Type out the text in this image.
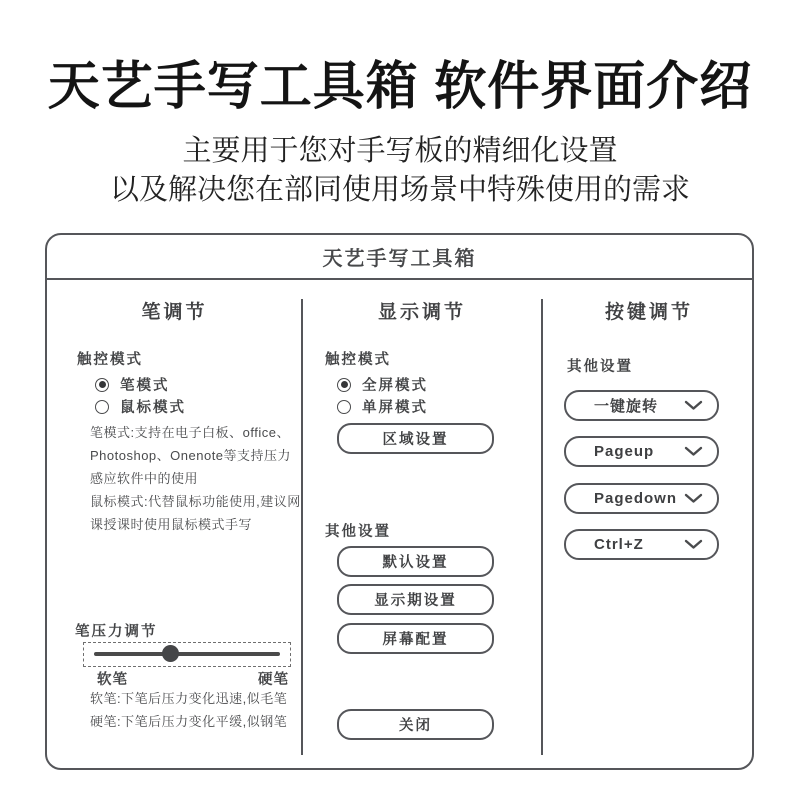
天艺手写工具箱 软件界面介绍
主要用于您对手写板的精细化设置
以及解决您在部同使用场景中特殊使用的需求
天艺手写工具箱
笔调节	显示调节	按键调节
触控模式
笔模式
鼠标模式
笔模式:支持在电子白板、office、Photoshop、Onenote等支持压力感应软件中的使用
鼠标模式:代替鼠标功能使用,建议网课授课时使用鼠标模式手写
笔压力调节
软笔	硬笔
软笔:下笔后压力变化迅速,似毛笔
硬笔:下笔后压力变化平缓,似钢笔
触控模式
全屏模式
单屏模式
区域设置
其他设置
默认设置
显示期设置
屏幕配置
关闭
其他设置
一键旋转
Pageup
Pagedown
Ctrl+Z
